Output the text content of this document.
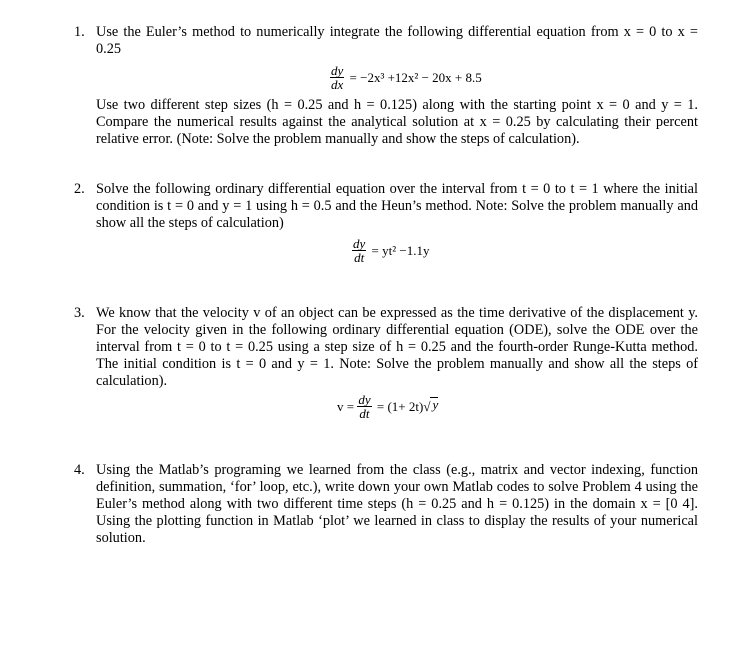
1. Use the Euler’s method to numerically integrate the following differential equation from x = 0 to x = 0.25
$\frac{dy}{dx} = -2x^3 +12x^2 - 20x + 8.5$
Use two different step sizes (h = 0.25 and h = 0.125) along with the starting point x = 0 and y = 1. Compare the numerical results against the analytical solution at x = 0.25 by calculating their percent relative error. (Note: Solve the problem manually and show the steps of calculation).
2. Solve the following ordinary differential equation over the interval from t = 0 to t = 1 where the initial condition is t = 0 and y = 1 using h = 0.5 and the Heun’s method. Note: Solve the problem manually and show all the steps of calculation)
$\frac{dy}{dt} = yt^2 -1.1y$
3. We know that the velocity v of an object can be expressed as the time derivative of the displacement y. For the velocity given in the following ordinary differential equation (ODE), solve the ODE over the interval from t = 0 to t = 0.25 using a step size of h = 0.25 and the fourth-order Runge-Kutta method. The initial condition is t = 0 and y = 1. Note: Solve the problem manually and show all the steps of calculation).
$v = \frac{dy}{dt} = (1+ 2t)√$ y
4. Using the Matlab’s programing we learned from the class (e.g., matrix and vector indexing, function definition, summation, ‘for’ loop, etc.), write down your own Matlab codes to solve Problem 4 using the Euler’s method along with two different time steps (h = 0.25 and h = 0.125) in the domain x = [0 4]. Using the plotting function in Matlab ‘plot’ we learned in class to display the results of your numerical solution.
